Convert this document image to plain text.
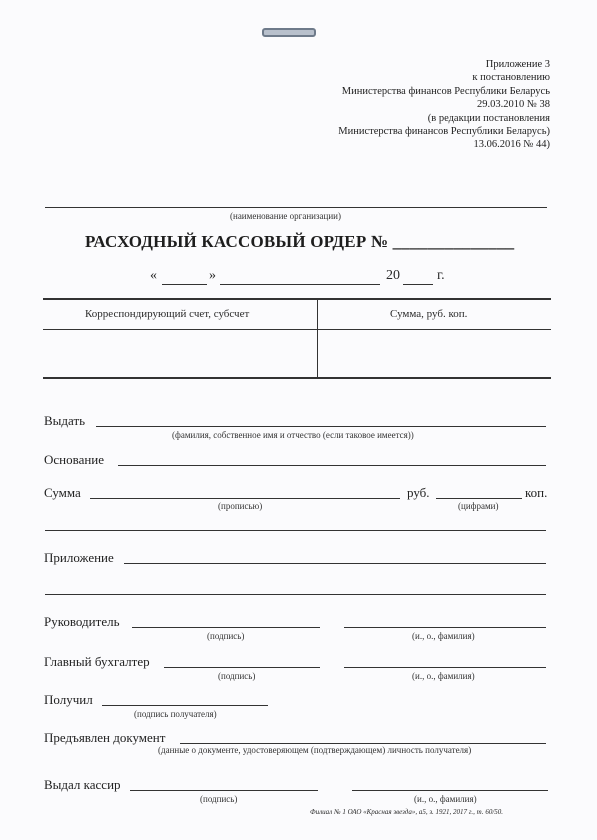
Приложение 3
к постановлению
Министерства финансов Республики Беларусь
29.03.2010 № 38
(в редакции постановления
Министерства финансов Республики Беларусь)
13.06.2016 № 44)
(наименование организации)
РАСХОДНЫЙ КАССОВЫЙ ОРДЕР № ______________
«	»	20	г.
Корреспондирующий счет, субсчет	Сумма, руб. коп.
Выдать
(фамилия, собственное имя и отчество (если таковое имеется))
Основание
Сумма
(прописью)
руб.
(цифрами)
коп.
Приложение
Руководитель
(подпись)	(и., о., фамилия)
Главный бухгалтер
(подпись)	(и., о., фамилия)
Получил
(подпись получателя)
Предъявлен документ
(данные о документе, удостоверяющем (подтверждающем) личность получателя)
Выдал кассир
(подпись)	(и., о., фамилия)
Филиал № 1 ОАО «Красная звезда», а5, з. 1921, 2017 г., т. 60/50.
